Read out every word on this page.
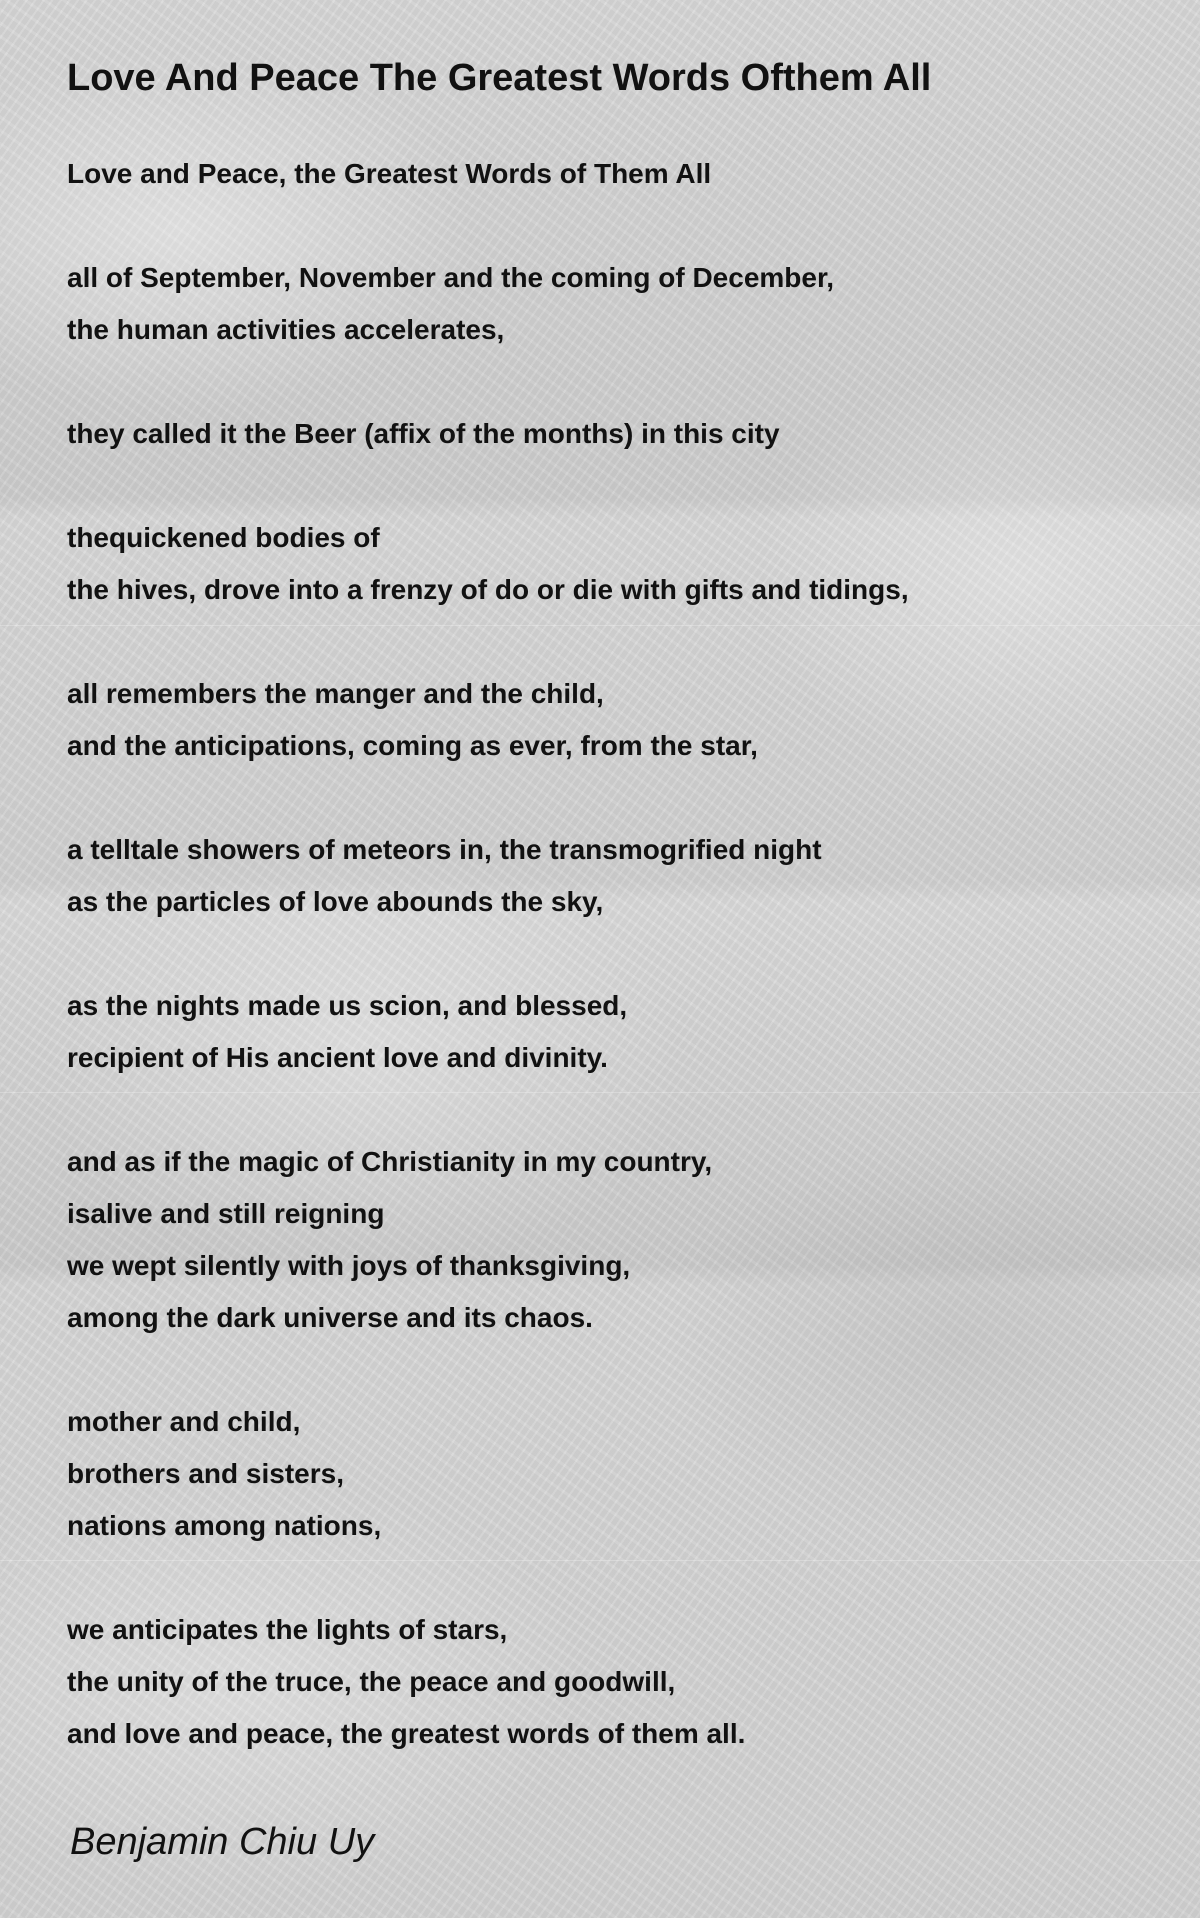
Love And Peace The Greatest Words Ofthem All
Love and Peace, the Greatest Words of Them All
all of September, November and the coming of December,
the human activities accelerates,
they called it the Beer (affix of the months) in this city
thequickened bodies of
the hives, drove into a frenzy of do or die with gifts and tidings,
all remembers the manger and the child,
and the anticipations, coming as ever, from the star,
a telltale showers of meteors in, the transmogrified night
as the particles of love abounds the sky,
as the nights made us scion, and blessed,
recipient of His ancient love and divinity.
and as if the magic of Christianity in my country,
isalive and still reigning
we wept silently with joys of thanksgiving,
among the dark universe and its chaos.
mother and child,
brothers and sisters,
nations among nations,
we anticipates the lights of stars,
the unity of the truce, the peace and goodwill,
and love and peace, the greatest words of them all.
Benjamin Chiu Uy
